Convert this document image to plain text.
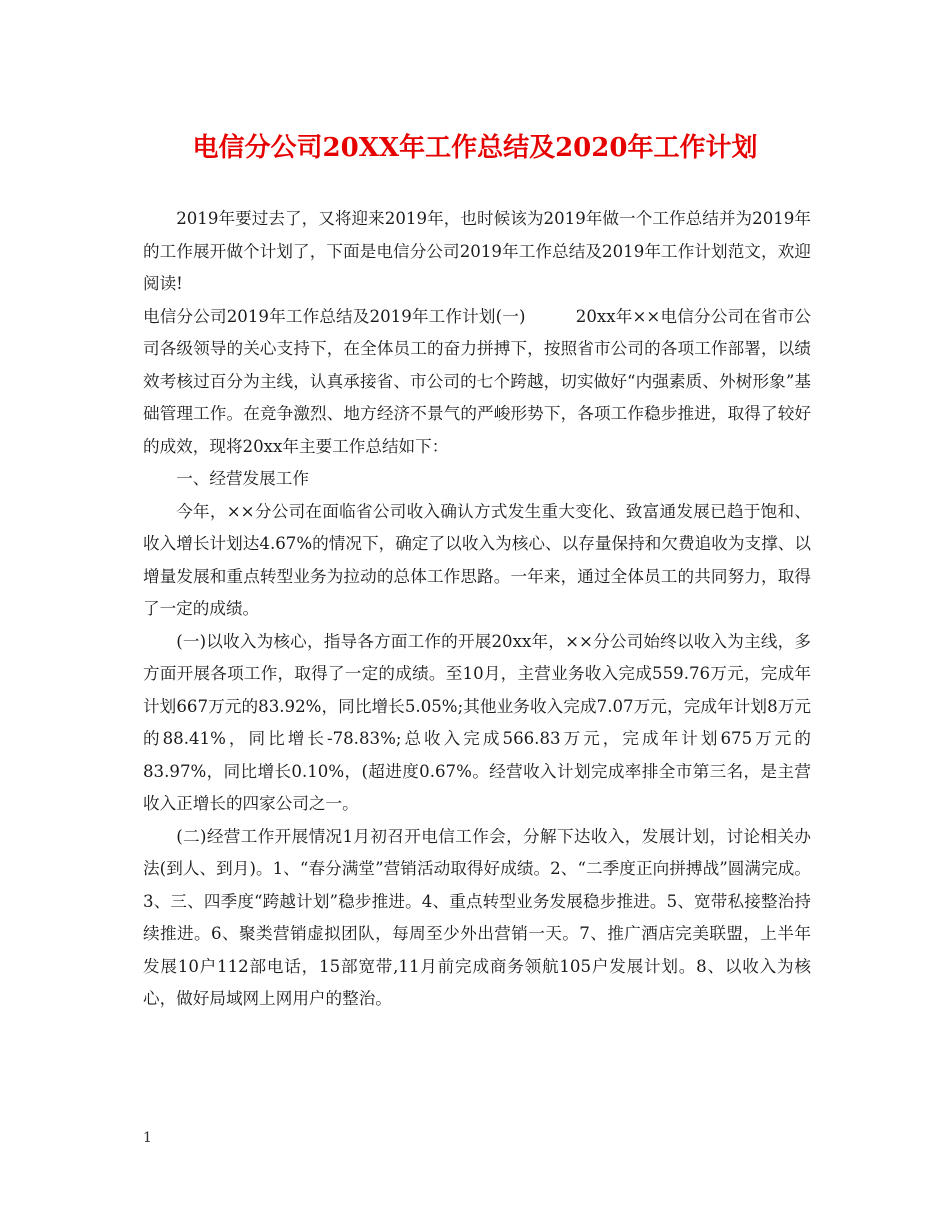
电信分公司20XX年工作总结及2020年工作计划

2019年要过去了，又将迎来2019年，也时候该为2019年做一个工作总结并为2019年的工作展开做个计划了，下面是电信分公司2019年工作总结及2019年工作计划范文，欢迎阅读!

电信分公司2019年工作总结及2019年工作计划(一)　　　20xx年××电信分公司在省市公司各级领导的关心支持下，在全体员工的奋力拼搏下，按照省市公司的各项工作部署，以绩效考核过百分为主线，认真承接省、市公司的七个跨越，切实做好“内强素质、外树形象”基础管理工作。在竞争激烈、地方经济不景气的严峻形势下，各项工作稳步推进，取得了较好的成效，现将20xx年主要工作总结如下：

一、经营发展工作

今年，××分公司在面临省公司收入确认方式发生重大变化、致富通发展已趋于饱和、收入增长计划达4.67%的情况下，确定了以收入为核心、以存量保持和欠费追收为支撑、以增量发展和重点转型业务为拉动的总体工作思路。一年来，通过全体员工的共同努力，取得了一定的成绩。

(一)以收入为核心，指导各方面工作的开展20xx年，××分公司始终以收入为主线，多方面开展各项工作，取得了一定的成绩。至10月，主营业务收入完成559.76万元，完成年计划667万元的83.92%，同比增长5.05%;其他业务收入完成7.07万元，完成年计划8万元的88.41%，同比增长-78.83%;总收入完成566.83万元，完成年计划675万元的83.97%，同比增长0.10%，(超进度0.67%。经营收入计划完成率排全市第三名，是主营收入正增长的四家公司之一。

(二)经营工作开展情况1月初召开电信工作会，分解下达收入，发展计划，讨论相关办法(到人、到月)。1、“春分满堂”营销活动取得好成绩。2、“二季度正向拼搏战”圆满完成。3、三、四季度“跨越计划”稳步推进。4、重点转型业务发展稳步推进。5、宽带私接整治持续推进。6、聚类营销虚拟团队，每周至少外出营销一天。7、推广酒店完美联盟，上半年发展10户112部电话，15部宽带,11月前完成商务领航105户发展计划。8、以收入为核心，做好局域网上网用户的整治。

1
